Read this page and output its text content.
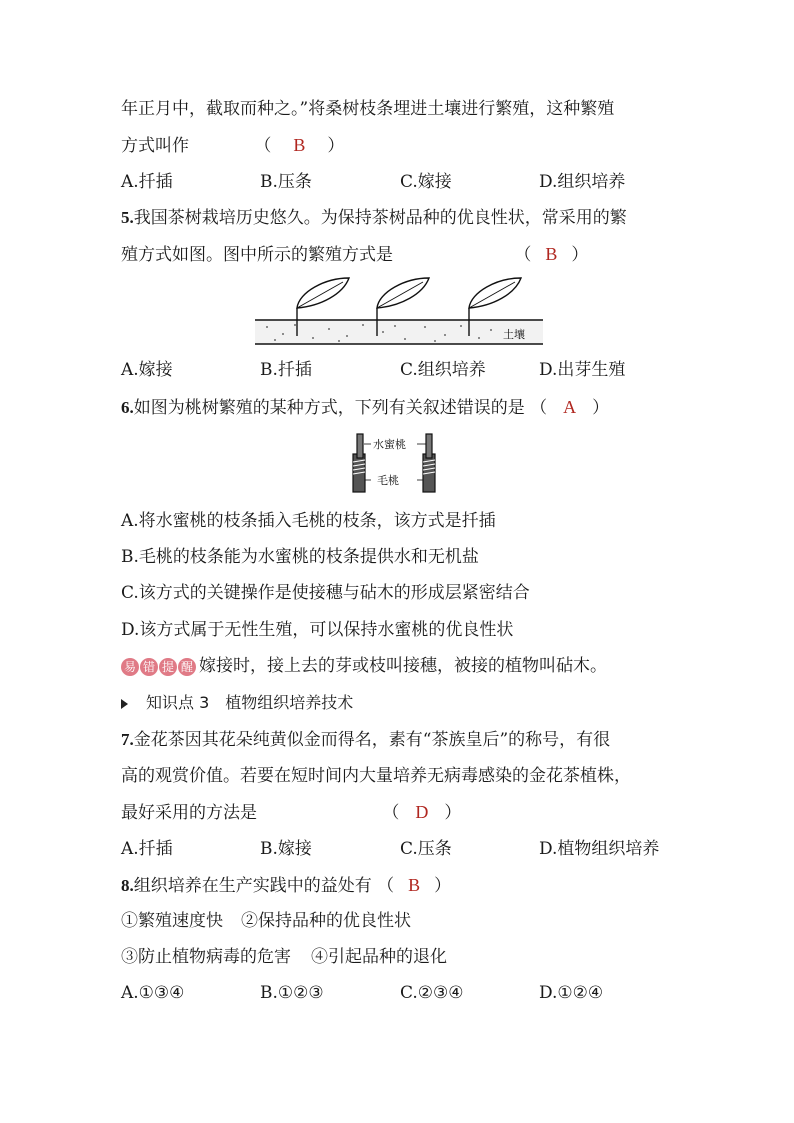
年正月中，截取而种之。”将桑树枝条埋进土壤进行繁殖，这种繁殖
方式叫作	（ B ）
A.扦插	B.压条	C.嫁接	D.组织培养
5.我国茶树栽培历史悠久。为保持茶树品种的优良性状，常采用的繁
殖方式如图。图中所示的繁殖方式是	（ B ）
土壤
A.嫁接	B.扦插	C.组织培养	D.出芽生殖
6.如图为桃树繁殖的某种方式，下列有关叙述错误的是 （ A ）
水蜜桃
毛桃
A.将水蜜桃的枝条插入毛桃的枝条，该方式是扦插
B.毛桃的枝条能为水蜜桃的枝条提供水和无机盐
C.该方式的关键操作是使接穗与砧木的形成层紧密结合
D.该方式属于无性生殖，可以保持水蜜桃的优良性状
易 错 提 醒 嫁接时，接上去的芽或枝叫接穗，被接的植物叫砧木。
知识点 3 植物组织培养技术
7.金花茶因其花朵纯黄似金而得名，素有“茶族皇后”的称号，有很
高的观赏价值。若要在短时间内大量培养无病毒感染的金花茶植株，
最好采用的方法是	（ D ）
A.扦插	B.嫁接	C.压条	D.植物组织培养
8.组织培养在生产实践中的益处有 （ B ）
①繁殖速度快 ②保持品种的优良性状
③防止植物病毒的危害 ④引起品种的退化
A.①③④	B.①②③	C.②③④	D.①②④
